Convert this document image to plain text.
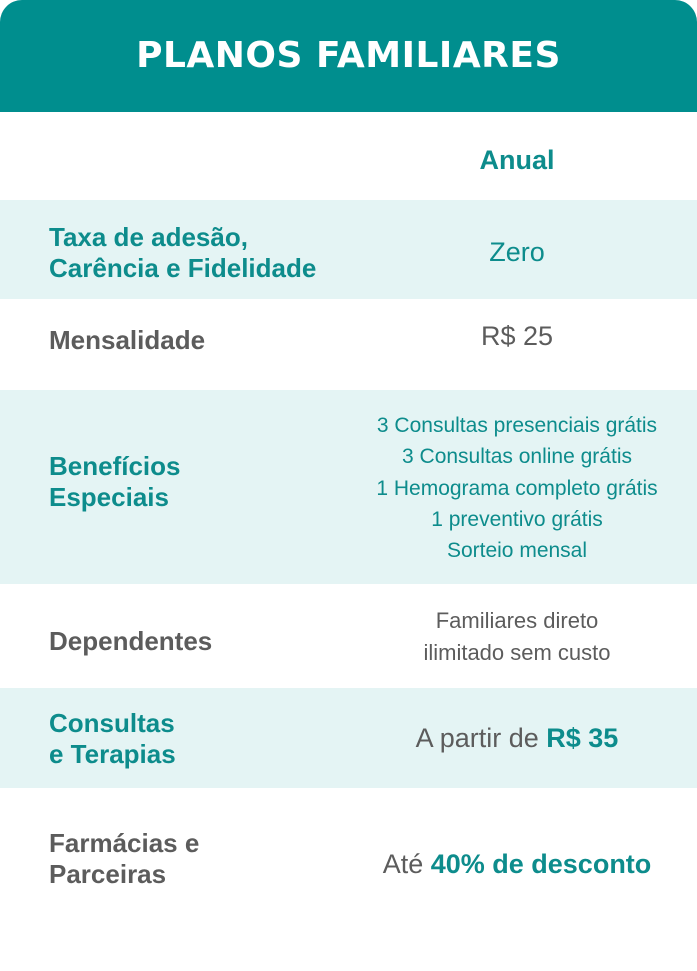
PLANOS FAMILIARES
Anual
Taxa de adesão,
Carência e Fidelidade
Zero
Mensalidade	R$ 25
Benefícios
Especiais
3 Consultas presenciais grátis
3 Consultas online grátis
1 Hemograma completo grátis
1 preventivo grátis
Sorteio mensal
Dependentes
Familiares direto
ilimitado sem custo
Consultas
e Terapias
A partir de R$ 35
Farmácias e
Parceiras	Até 40% de desconto
